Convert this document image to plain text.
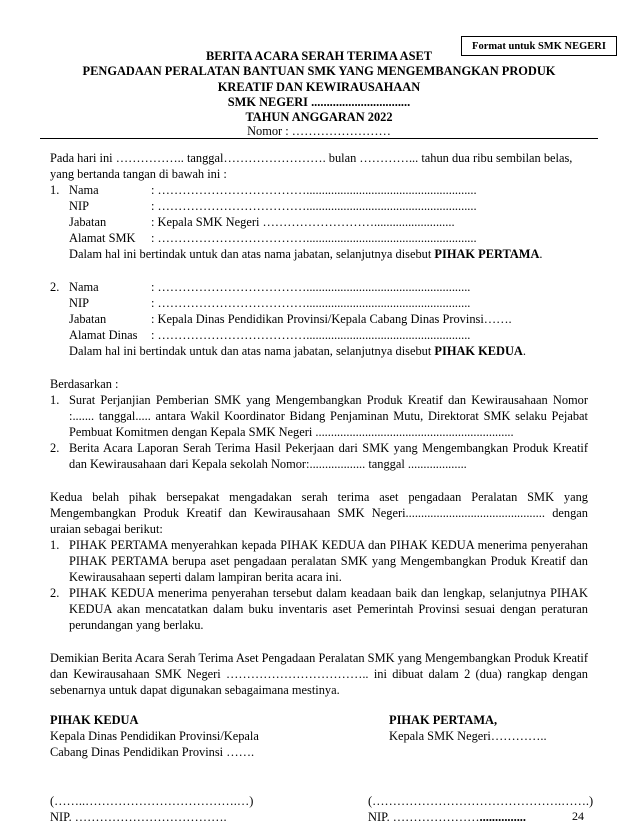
Format untuk SMK NEGERI
BERITA ACARA SERAH TERIMA ASET
PENGADAAN PERALATAN BANTUAN SMK YANG MENGEMBANGKAN PRODUK
KREATIF DAN KEWIRAUSAHAAN
SMK NEGERI ................................
TAHUN ANGGARAN 2022
Nomor : ……………………
Pada hari ini …………….. tanggal……………………. bulan …………... tahun dua ribu sembilan belas,
yang bertanda tangan di bawah ini :
1. Nama	: ……………………………….......................................................
NIP	: ……………………………….......................................................
Jabatan	: Kepala SMK Negeri ………………………..........................
Alamat SMK : ……………………………….......................................................
Dalam hal ini bertindak untuk dan atas nama jabatan, selanjutnya disebut PIHAK PERTAMA.
2. Nama	: ……………………………….....................................................
NIP	: ……………………………….....................................................
Jabatan	: Kepala Dinas Pendidikan Provinsi/Kepala Cabang Dinas Provinsi…….
Alamat Dinas : ……………………………….....................................................
Dalam hal ini bertindak untuk dan atas nama jabatan, selanjutnya disebut PIHAK KEDUA.
Berdasarkan :
1. Surat Perjanjian Pemberian SMK yang Mengembangkan Produk Kreatif dan Kewirausahaan Nomor :....... tanggal..... antara Wakil Koordinator Bidang Penjaminan Mutu, Direktorat SMK selaku Pejabat Pembuat Komitmen dengan Kepala SMK Negeri ................................................................
2. Berita Acara Laporan Serah Terima Hasil Pekerjaan dari SMK yang Mengembangkan Produk Kreatif dan Kewirausahaan dari Kepala sekolah Nomor:.................. tanggal ...................
Kedua belah pihak bersepakat mengadakan serah terima aset pengadaan Peralatan SMK yang Mengembangkan Produk Kreatif dan Kewirausahaan SMK Negeri............................................. dengan uraian sebagai berikut:
1. PIHAK PERTAMA menyerahkan kepada PIHAK KEDUA dan PIHAK KEDUA menerima penyerahan PIHAK PERTAMA berupa aset pengadaan peralatan SMK yang Mengembangkan Produk Kreatif dan Kewirausahaan seperti dalam lampiran berita acara ini.
2. PIHAK KEDUA menerima penyerahan tersebut dalam keadaan baik dan lengkap, selanjutnya PIHAK KEDUA akan mencatatkan dalam buku inventaris aset Pemerintah Provinsi sesuai dengan peraturan perundangan yang berlaku.
Demikian Berita Acara Serah Terima Aset Pengadaan Peralatan SMK yang Mengembangkan Produk Kreatif dan Kewirausahaan SMK Negeri …………………………….. ini dibuat dalam 2 (dua) rangkap dengan sebenarnya untuk dapat digunakan sebagaimana mestinya.
PIHAK KEDUA
Kepala Dinas Pendidikan Provinsi/Kepala
Cabang Dinas Pendidikan Provinsi …….
(……..……………………………….…)
NIP. ……………………………….
PIHAK PERTAMA,
Kepala SMK Negeri…………..
(……………………………………….…….)
NIP. …………………...............	24
